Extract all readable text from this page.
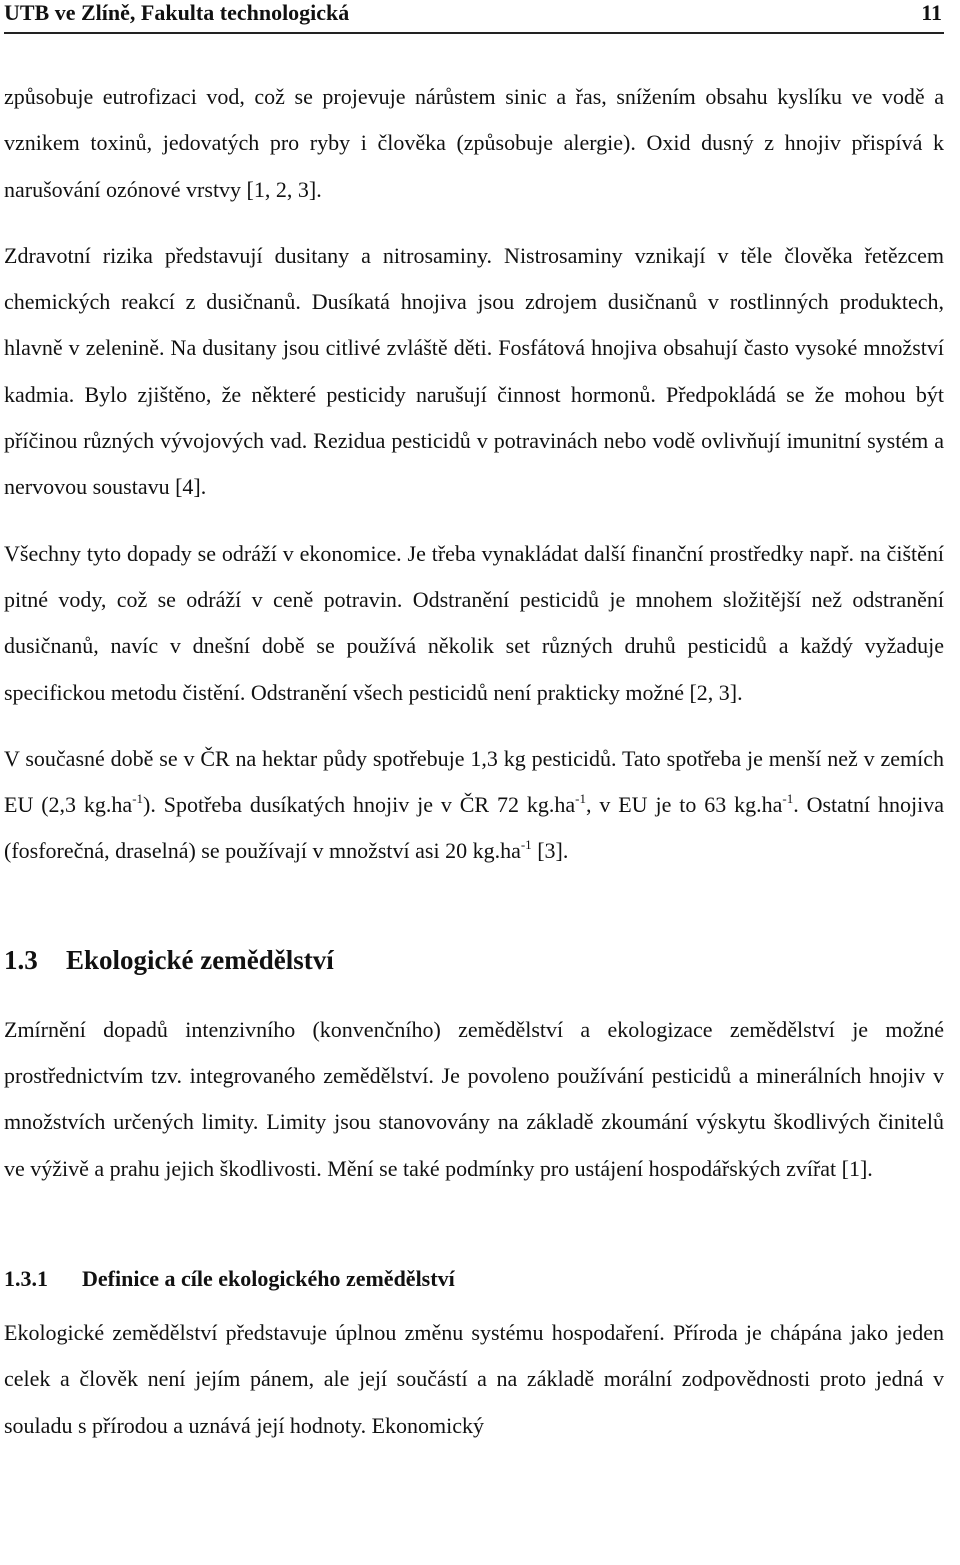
UTB ve Zlíně, Fakulta technologická	11

způsobuje eutrofizaci vod, což se projevuje nárůstem sinic a řas, snížením obsahu kyslíku ve vodě a vznikem toxinů, jedovatých pro ryby i člověka (způsobuje alergie). Oxid dusný z hnojiv přispívá k narušování ozónové vrstvy [1, 2, 3].

Zdravotní rizika představují dusitany a nitrosaminy. Nistrosaminy vznikají v těle člověka řetězcem chemických reakcí z dusičnanů. Dusíkatá hnojiva jsou zdrojem dusičnanů v rostlinných produktech, hlavně v zelenině. Na dusitany jsou citlivé zvláště děti. Fosfátová hnojiva obsahují často vysoké množství kadmia. Bylo zjištěno, že některé pesticidy narušují činnost hormonů. Předpokládá se že mohou být příčinou různých vývojových vad. Rezidua pesticidů v potravinách nebo vodě ovlivňují imunitní systém a nervovou soustavu [4].

Všechny tyto dopady se odráží v ekonomice. Je třeba vynakládat další finanční prostředky např. na čištění pitné vody, což se odráží v ceně potravin. Odstranění pesticidů je mnohem složitější než odstranění dusičnanů, navíc v dnešní době se používá několik set různých druhů pesticidů a každý vyžaduje specifickou metodu čistění. Odstranění všech pesticidů není prakticky možné [2, 3].

V současné době se v ČR na hektar půdy spotřebuje 1,3 kg pesticidů. Tato spotřeba je menší než v zemích EU (2,3 $kg.ha^{-1}$). Spotřeba dusíkatých hnojiv je v ČR 72 $kg.ha^{-1}$, v EU je to 63 $kg.ha^{-1}$. Ostatní hnojiva (fosforečná, draselná) se používají v množství asi 20 $kg.ha^{-1}$ [3].

1.3 Ekologické zemědělství

Zmírnění dopadů intenzivního (konvenčního) zemědělství a ekologizace zemědělství je možné prostřednictvím tzv. integrovaného zemědělství. Je povoleno používání pesticidů a minerálních hnojiv v množstvích určených limity. Limity jsou stanovovány na základě zkoumání výskytu škodlivých činitelů ve výživě a prahu jejich škodlivosti. Mění se také podmínky pro ustájení hospodářských zvířat [1].

1.3.1 Definice a cíle ekologického zemědělství

Ekologické zemědělství představuje úplnou změnu systému hospodaření. Příroda je chápána jako jeden celek a člověk není jejím pánem, ale její součástí a na základě morální zodpovědnosti proto jedná v souladu s přírodou a uznává její hodnoty. Ekonomický
